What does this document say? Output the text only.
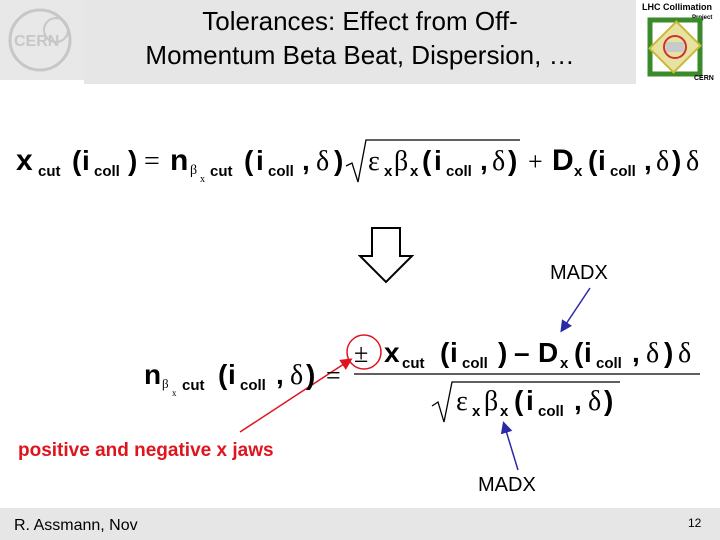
Tolerances: Effect from Off-
Momentum Beta Beat, Dispersion, …
CERN
LHC Collimation
Project
CERN
x cut ( i coll ) = n β
x cut ( i coll , δ ) ε x β x ( i coll , δ ) + D x ( i coll , δ ) δ
MADX
MADX
n β
x cut ( i coll , δ ) =
± x cut ( i coll ) – D x ( i coll , δ ) δ
ε x β x ( i coll , δ )
positive and negative x jaws
R. Assmann, Nov	12
